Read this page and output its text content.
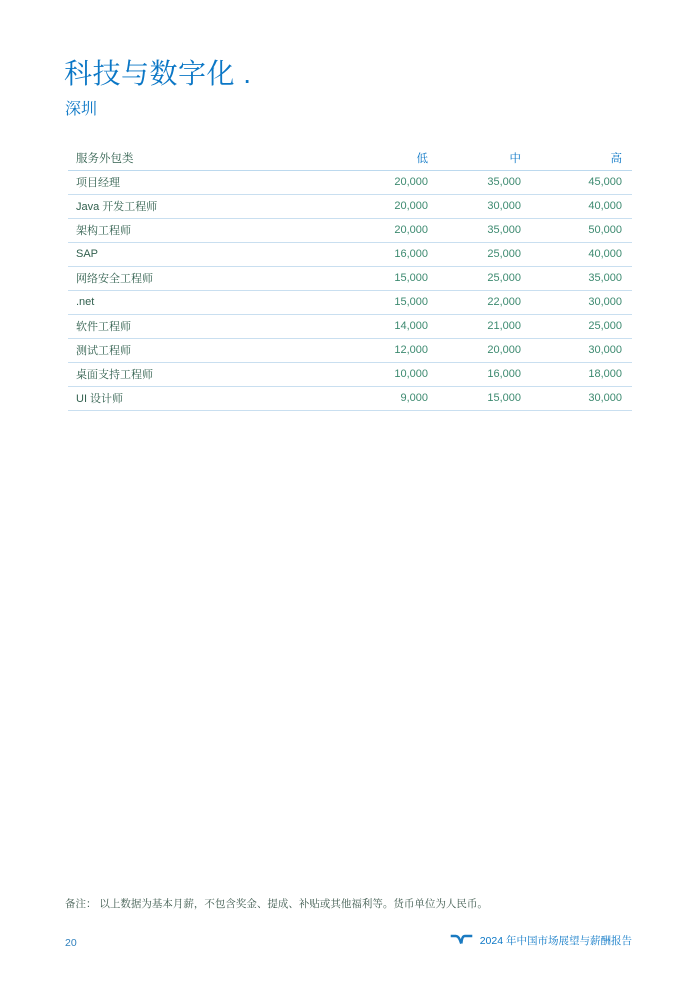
科技与数字化 .
深圳
服务外包类	低	中	高
项目经理	20,000	35,000	45,000
Java 开发工程师	20,000	30,000	40,000
架构工程师	20,000	35,000	50,000
SAP	16,000	25,000	40,000
网络安全工程师	15,000	25,000	35,000
.net	15,000	22,000	30,000
软件工程师	14,000	21,000	25,000
测试工程师	12,000	20,000	30,000
桌面支持工程师	10,000	16,000	18,000
UI 设计师	9,000	15,000	30,000

备注： 以上数据为基本月薪，不包含奖金、提成、补贴或其他福利等。货币单位为人民币。

20	2024 年中国市场展望与薪酬报告
